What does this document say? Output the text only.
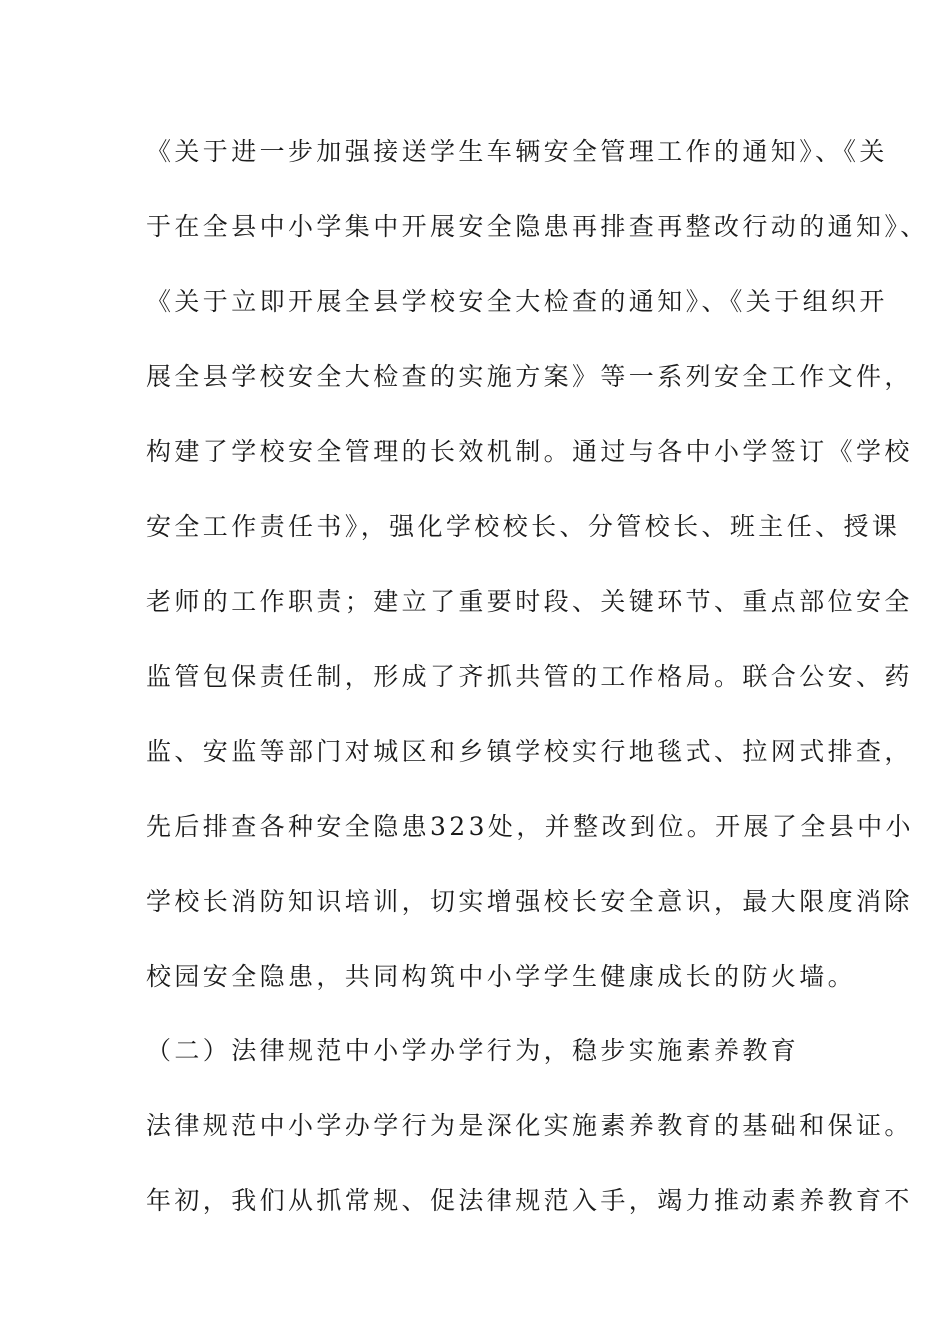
《关于进一步加强接送学生车辆安全管理工作的通知》、《关
于在全县中小学集中开展安全隐患再排查再整改行动的通知》、
《关于立即开展全县学校安全大检查的通知》、《关于组织开
展全县学校安全大检查的实施方案》等一系列安全工作文件，
构建了学校安全管理的长效机制。通过与各中小学签订《学校
安全工作责任书》，强化学校校长、分管校长、班主任、授课
老师的工作职责；建立了重要时段、关键环节、重点部位安全
监管包保责任制，形成了齐抓共管的工作格局。联合公安、药
监、安监等部门对城区和乡镇学校实行地毯式、拉网式排查，
先后排查各种安全隐患323处，并整改到位。开展了全县中小
学校长消防知识培训，切实增强校长安全意识，最大限度消除
校园安全隐患，共同构筑中小学学生健康成长的防火墙。
（二）法律规范中小学办学行为，稳步实施素养教育
法律规范中小学办学行为是深化实施素养教育的基础和保证。
年初，我们从抓常规、促法律规范入手，竭力推动素养教育不
